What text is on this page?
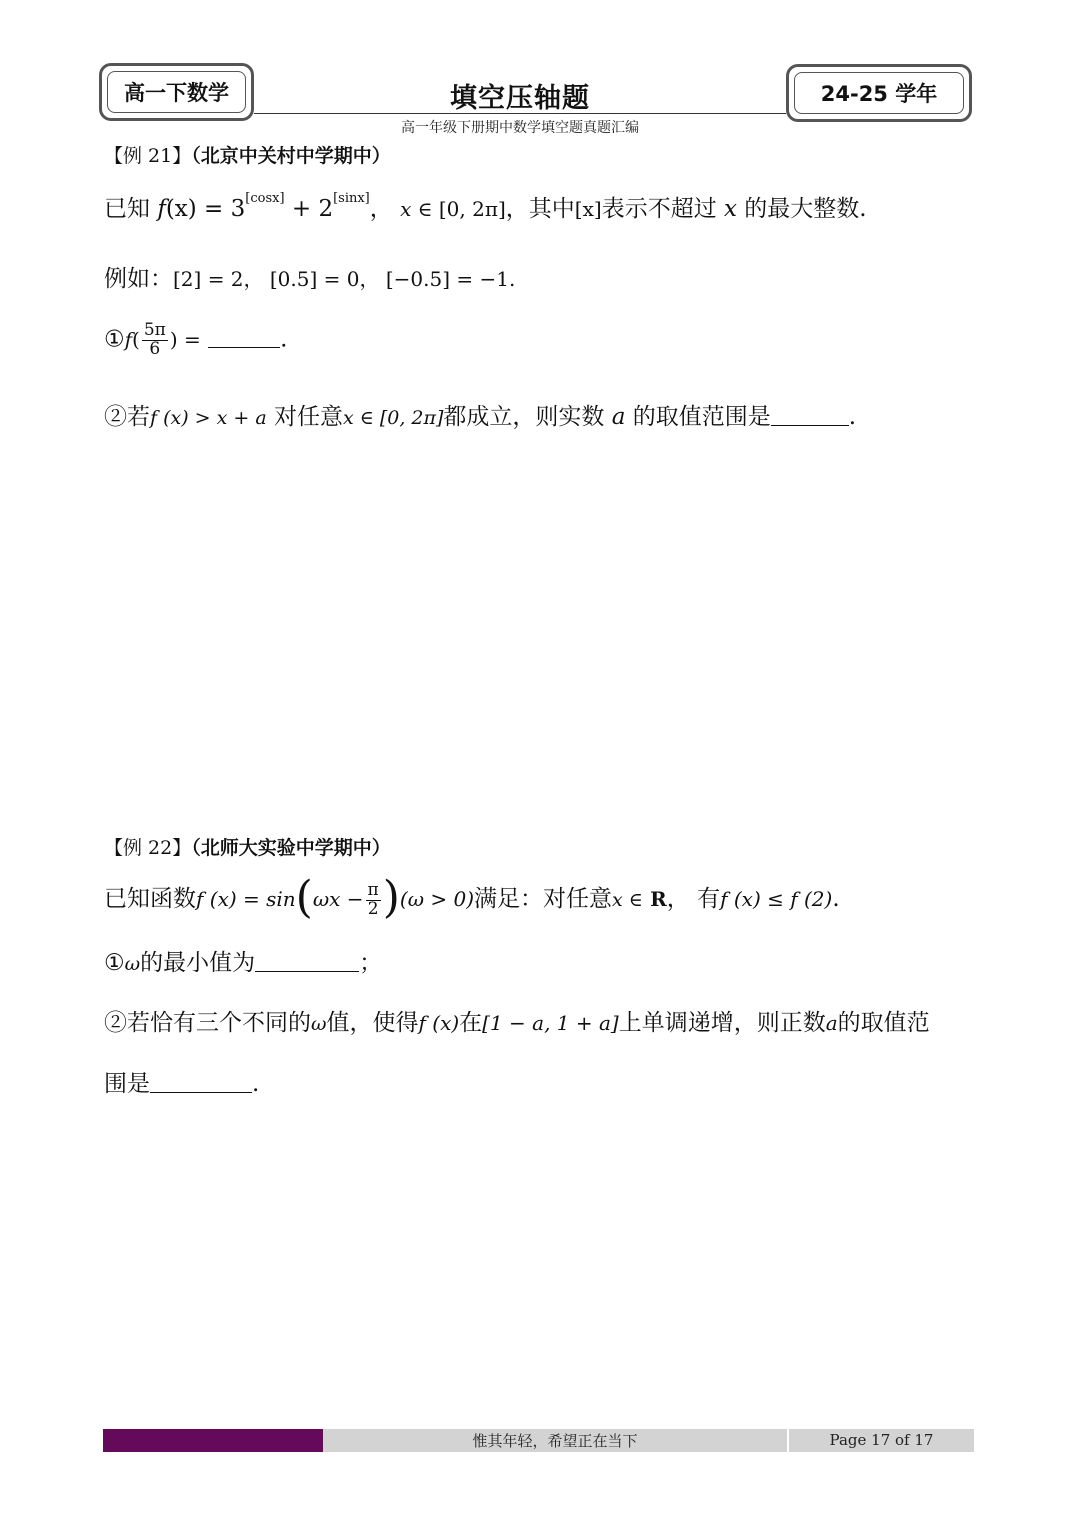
高一下数学	填空压轴题
高一年级下册期中数学填空题真题汇编
24-25 学年
【例 21】（北京中关村中学期中）
已知 f(x) = 3[cosx] + 2[sinx]， x ∈ [0, 2π]，其中[x]表示不超过 x 的最大整数.
例如：[2] = 2， [0.5] = 0， [−0.5] = −1.
①f( $\frac{5\pi}{6}$ ) =	.
②若f (x) > x + a 对任意x ∈ [0, 2π]都成立，则实数 a 的取值范围是	.
【例 22】（北师大实验中学期中）
已知函数f $(x) = \sin(\omega x - \frac{\pi}{2} )(\omega > 0)$满足：对任意x ∈ R， 有f (x) ≤ f (2).
①ω的最小值为	；
②若恰有三个不同的ω值，使得f (x)在[1 − a, 1 + a]上单调递增，则正数a的取值范
围是	.
惟其年轻，希望正在当下	Page 17 of 17
